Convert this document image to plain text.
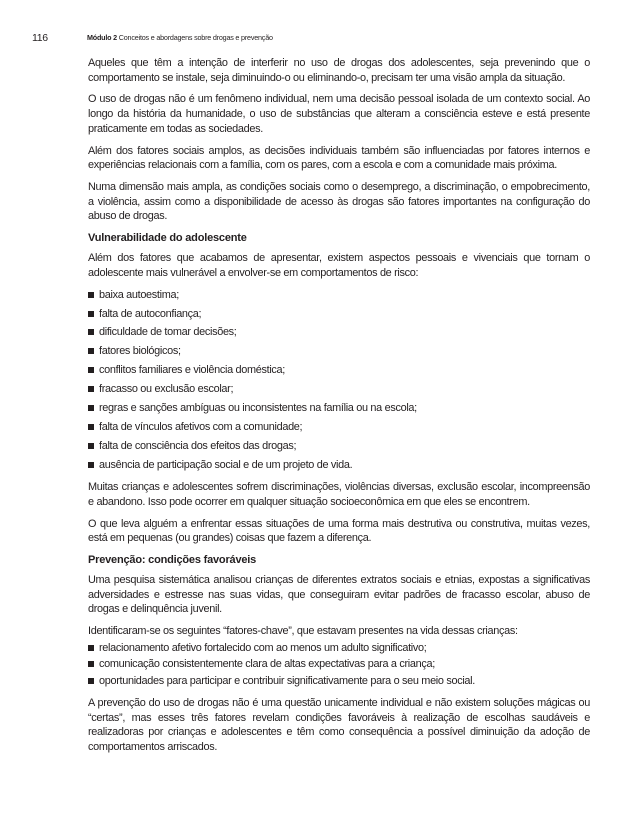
116	Módulo 2 Conceitos e abordagens sobre drogas e prevenção

Aqueles que têm a intenção de interferir no uso de drogas dos adolescentes, seja prevenindo que o comportamento se instale, seja diminuindo-o ou eliminando-o, precisam ter uma visão ampla da situação.

O uso de drogas não é um fenômeno individual, nem uma decisão pessoal isolada de um contexto social. Ao longo da história da humanidade, o uso de substâncias que alteram a consciência esteve e está presente praticamente em todas as sociedades.

Além dos fatores sociais amplos, as decisões individuais também são influenciadas por fatores internos e experiências relacionais com a família, com os pares, com a escola e com a comunidade mais próxima.

Numa dimensão mais ampla, as condições sociais como o desemprego, a discriminação, o empobrecimento, a violência, assim como a disponibilidade de acesso às drogas são fatores importantes na configuração do abuso de drogas.

Vulnerabilidade do adolescente

Além dos fatores que acabamos de apresentar, existem aspectos pessoais e vivenciais que tornam o adolescente mais vulnerável a envolver-se em comportamentos de risco:

baixa autoestima;
falta de autoconfiança;
dificuldade de tomar decisões;
fatores biológicos;
conflitos familiares e violência doméstica;
fracasso ou exclusão escolar;
regras e sanções ambíguas ou inconsistentes na família ou na escola;
falta de vínculos afetivos com a comunidade;
falta de consciência dos efeitos das drogas;
ausência de participação social e de um projeto de vida.

Muitas crianças e adolescentes sofrem discriminações, violências diversas, exclusão escolar, incompreensão e abandono. Isso pode ocorrer em qualquer situação socioeconômica em que eles se encontrem.

O que leva alguém a enfrentar essas situações de uma forma mais destrutiva ou construtiva, muitas vezes, está em pequenas (ou grandes) coisas que fazem a diferença.

Prevenção: condições favoráveis

Uma pesquisa sistemática analisou crianças de diferentes extratos sociais e etnias, expostas a significativas adversidades e estresse nas suas vidas, que conseguiram evitar padrões de fracasso escolar, abuso de drogas e delinquência juvenil.

Identificaram-se os seguintes “fatores-chave”, que estavam presentes na vida dessas crianças:

relacionamento afetivo fortalecido com ao menos um adulto significativo;
comunicação consistentemente clara de altas expectativas para a criança;
oportunidades para participar e contribuir significativamente para o seu meio social.

A prevenção do uso de drogas não é uma questão unicamente individual e não existem soluções mágicas ou “certas”, mas esses três fatores revelam condições favoráveis à realização de escolhas saudáveis e realizadoras por crianças e adolescentes e têm como consequência a possível diminuição da adoção de comportamentos arriscados.
